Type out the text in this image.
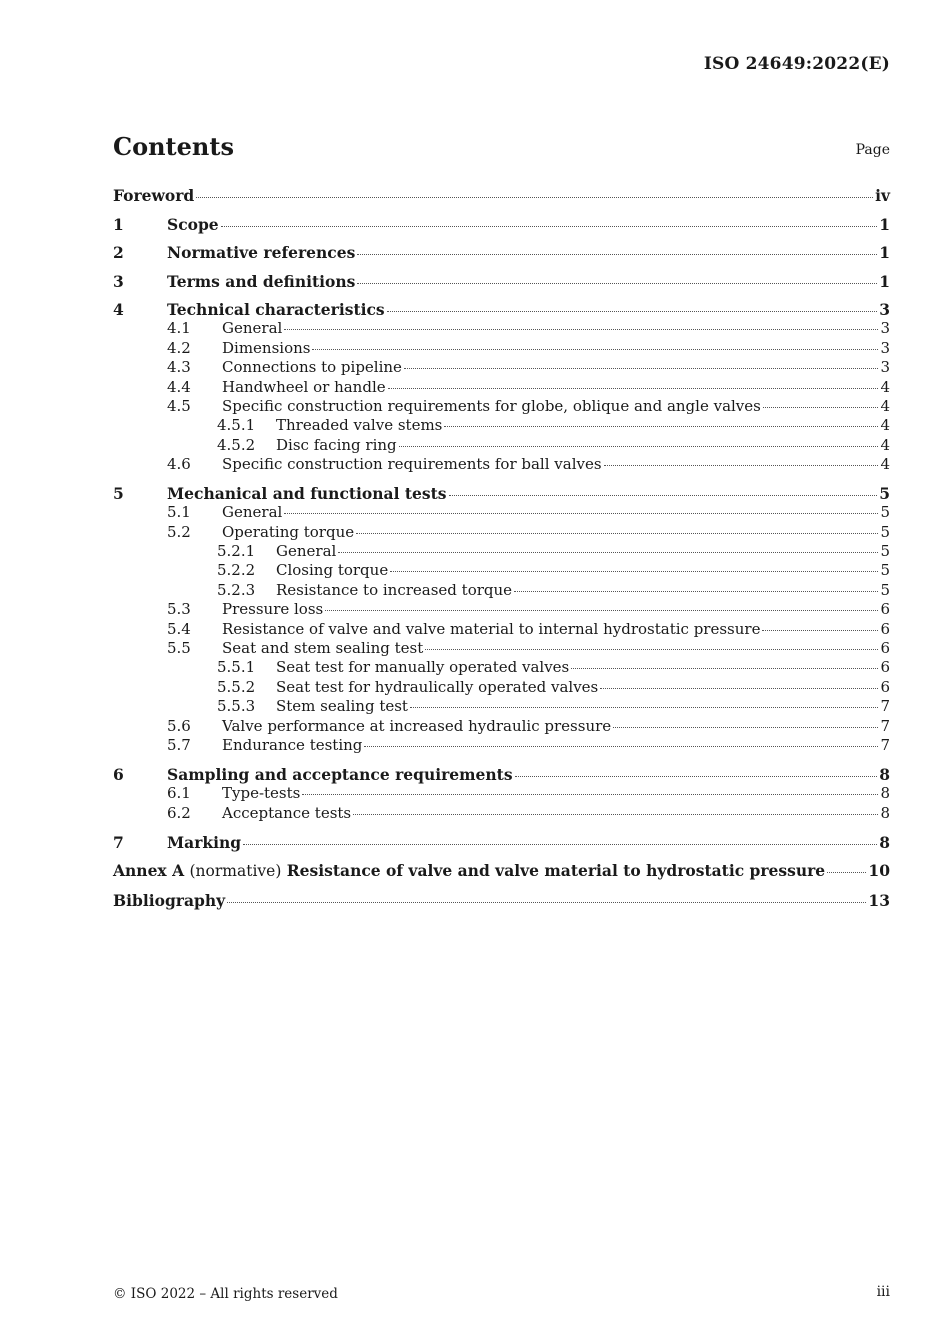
ISO 24649:2022(E)
Contents	Page
Foreword	iv
1	Scope	1
2	Normative references	1
3	Terms and definitions	1
4	Technical characteristics	3
4.1	General	3
4.2	Dimensions	3
4.3	Connections to pipeline	3
4.4	Handwheel or handle	4
4.5	Specific construction requirements for globe, oblique and angle valves	4
4.5.1	Threaded valve stems	4
4.5.2	Disc facing ring	4
4.6	Specific construction requirements for ball valves	4
5	Mechanical and functional tests	5
5.1	General	5
5.2	Operating torque	5
5.2.1	General	5
5.2.2	Closing torque	5
5.2.3	Resistance to increased torque	5
5.3	Pressure loss	6
5.4	Resistance of valve and valve material to internal hydrostatic pressure	6
5.5	Seat and stem sealing test	6
5.5.1	Seat test for manually operated valves	6
5.5.2	Seat test for hydraulically operated valves	6
5.5.3	Stem sealing test	7
5.6	Valve performance at increased hydraulic pressure	7
5.7	Endurance testing	7
6	Sampling and acceptance requirements	8
6.1	Type-tests	8
6.2	Acceptance tests	8
7	Marking	8
Annex A (normative) Resistance of valve and valve material to hydrostatic pressure	10
Bibliography	13
© ISO 2022 – All rights reserved	iii
